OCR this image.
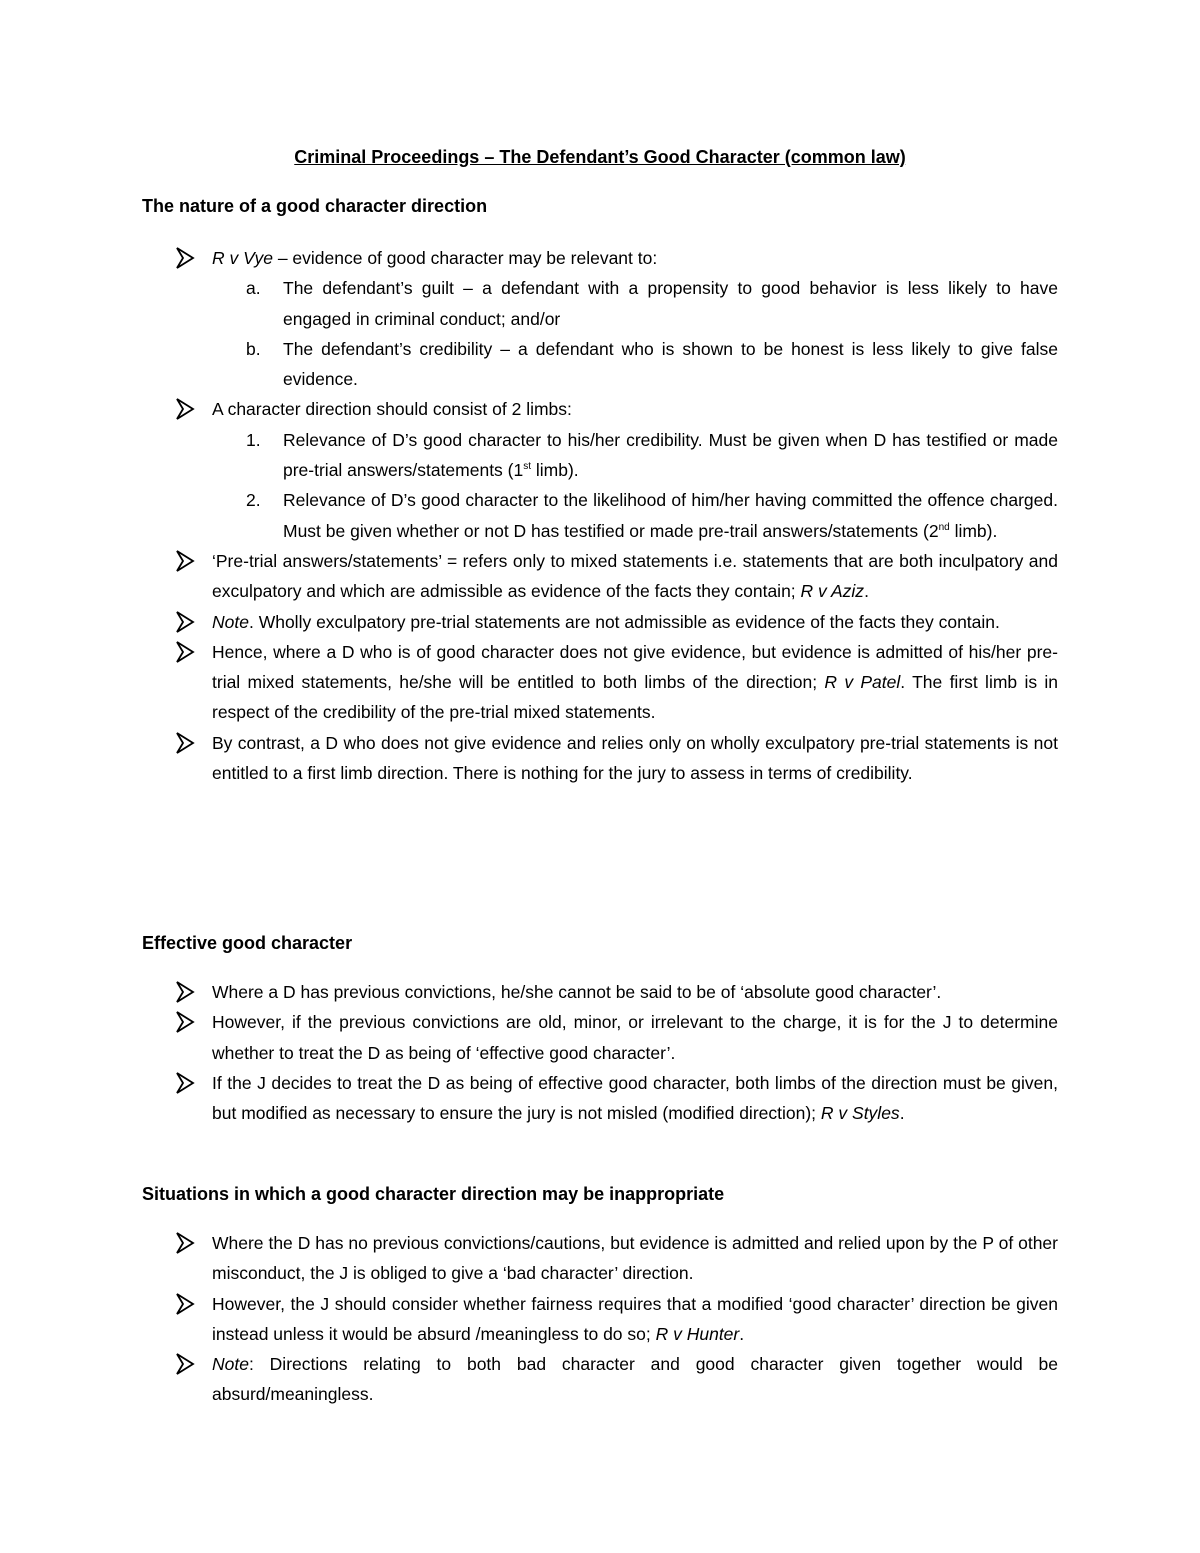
Criminal Proceedings – The Defendant’s Good Character (common law)
The nature of a good character direction
R v Vye – evidence of good character may be relevant to:
a. The defendant’s guilt – a defendant with a propensity to good behavior is less likely to have engaged in criminal conduct; and/or
b. The defendant’s credibility – a defendant who is shown to be honest is less likely to give false evidence.
A character direction should consist of 2 limbs:
1. Relevance of D’s good character to his/her credibility. Must be given when D has testified or made pre-trial answers/statements (1st limb).
2. Relevance of D’s good character to the likelihood of him/her having committed the offence charged. Must be given whether or not D has testified or made pre-trail answers/statements (2nd limb).
‘Pre-trial answers/statements’ = refers only to mixed statements i.e. statements that are both inculpatory and exculpatory and which are admissible as evidence of the facts they contain; R v Aziz.
Note. Wholly exculpatory pre-trial statements are not admissible as evidence of the facts they contain.
Hence, where a D who is of good character does not give evidence, but evidence is admitted of his/her pre-trial mixed statements, he/she will be entitled to both limbs of the direction; R v Patel. The first limb is in respect of the credibility of the pre-trial mixed statements.
By contrast, a D who does not give evidence and relies only on wholly exculpatory pre-trial statements is not entitled to a first limb direction. There is nothing for the jury to assess in terms of credibility.
Effective good character
Where a D has previous convictions, he/she cannot be said to be of ‘absolute good character’.
However, if the previous convictions are old, minor, or irrelevant to the charge, it is for the J to determine whether to treat the D as being of ‘effective good character’.
If the J decides to treat the D as being of effective good character, both limbs of the direction must be given, but modified as necessary to ensure the jury is not misled (modified direction); R v Styles.
Situations in which a good character direction may be inappropriate
Where the D has no previous convictions/cautions, but evidence is admitted and relied upon by the P of other misconduct, the J is obliged to give a ‘bad character’ direction.
However, the J should consider whether fairness requires that a modified ‘good character’ direction be given instead unless it would be absurd /meaningless to do so; R v Hunter.
Note: Directions relating to both bad character and good character given together would be absurd/meaningless.
